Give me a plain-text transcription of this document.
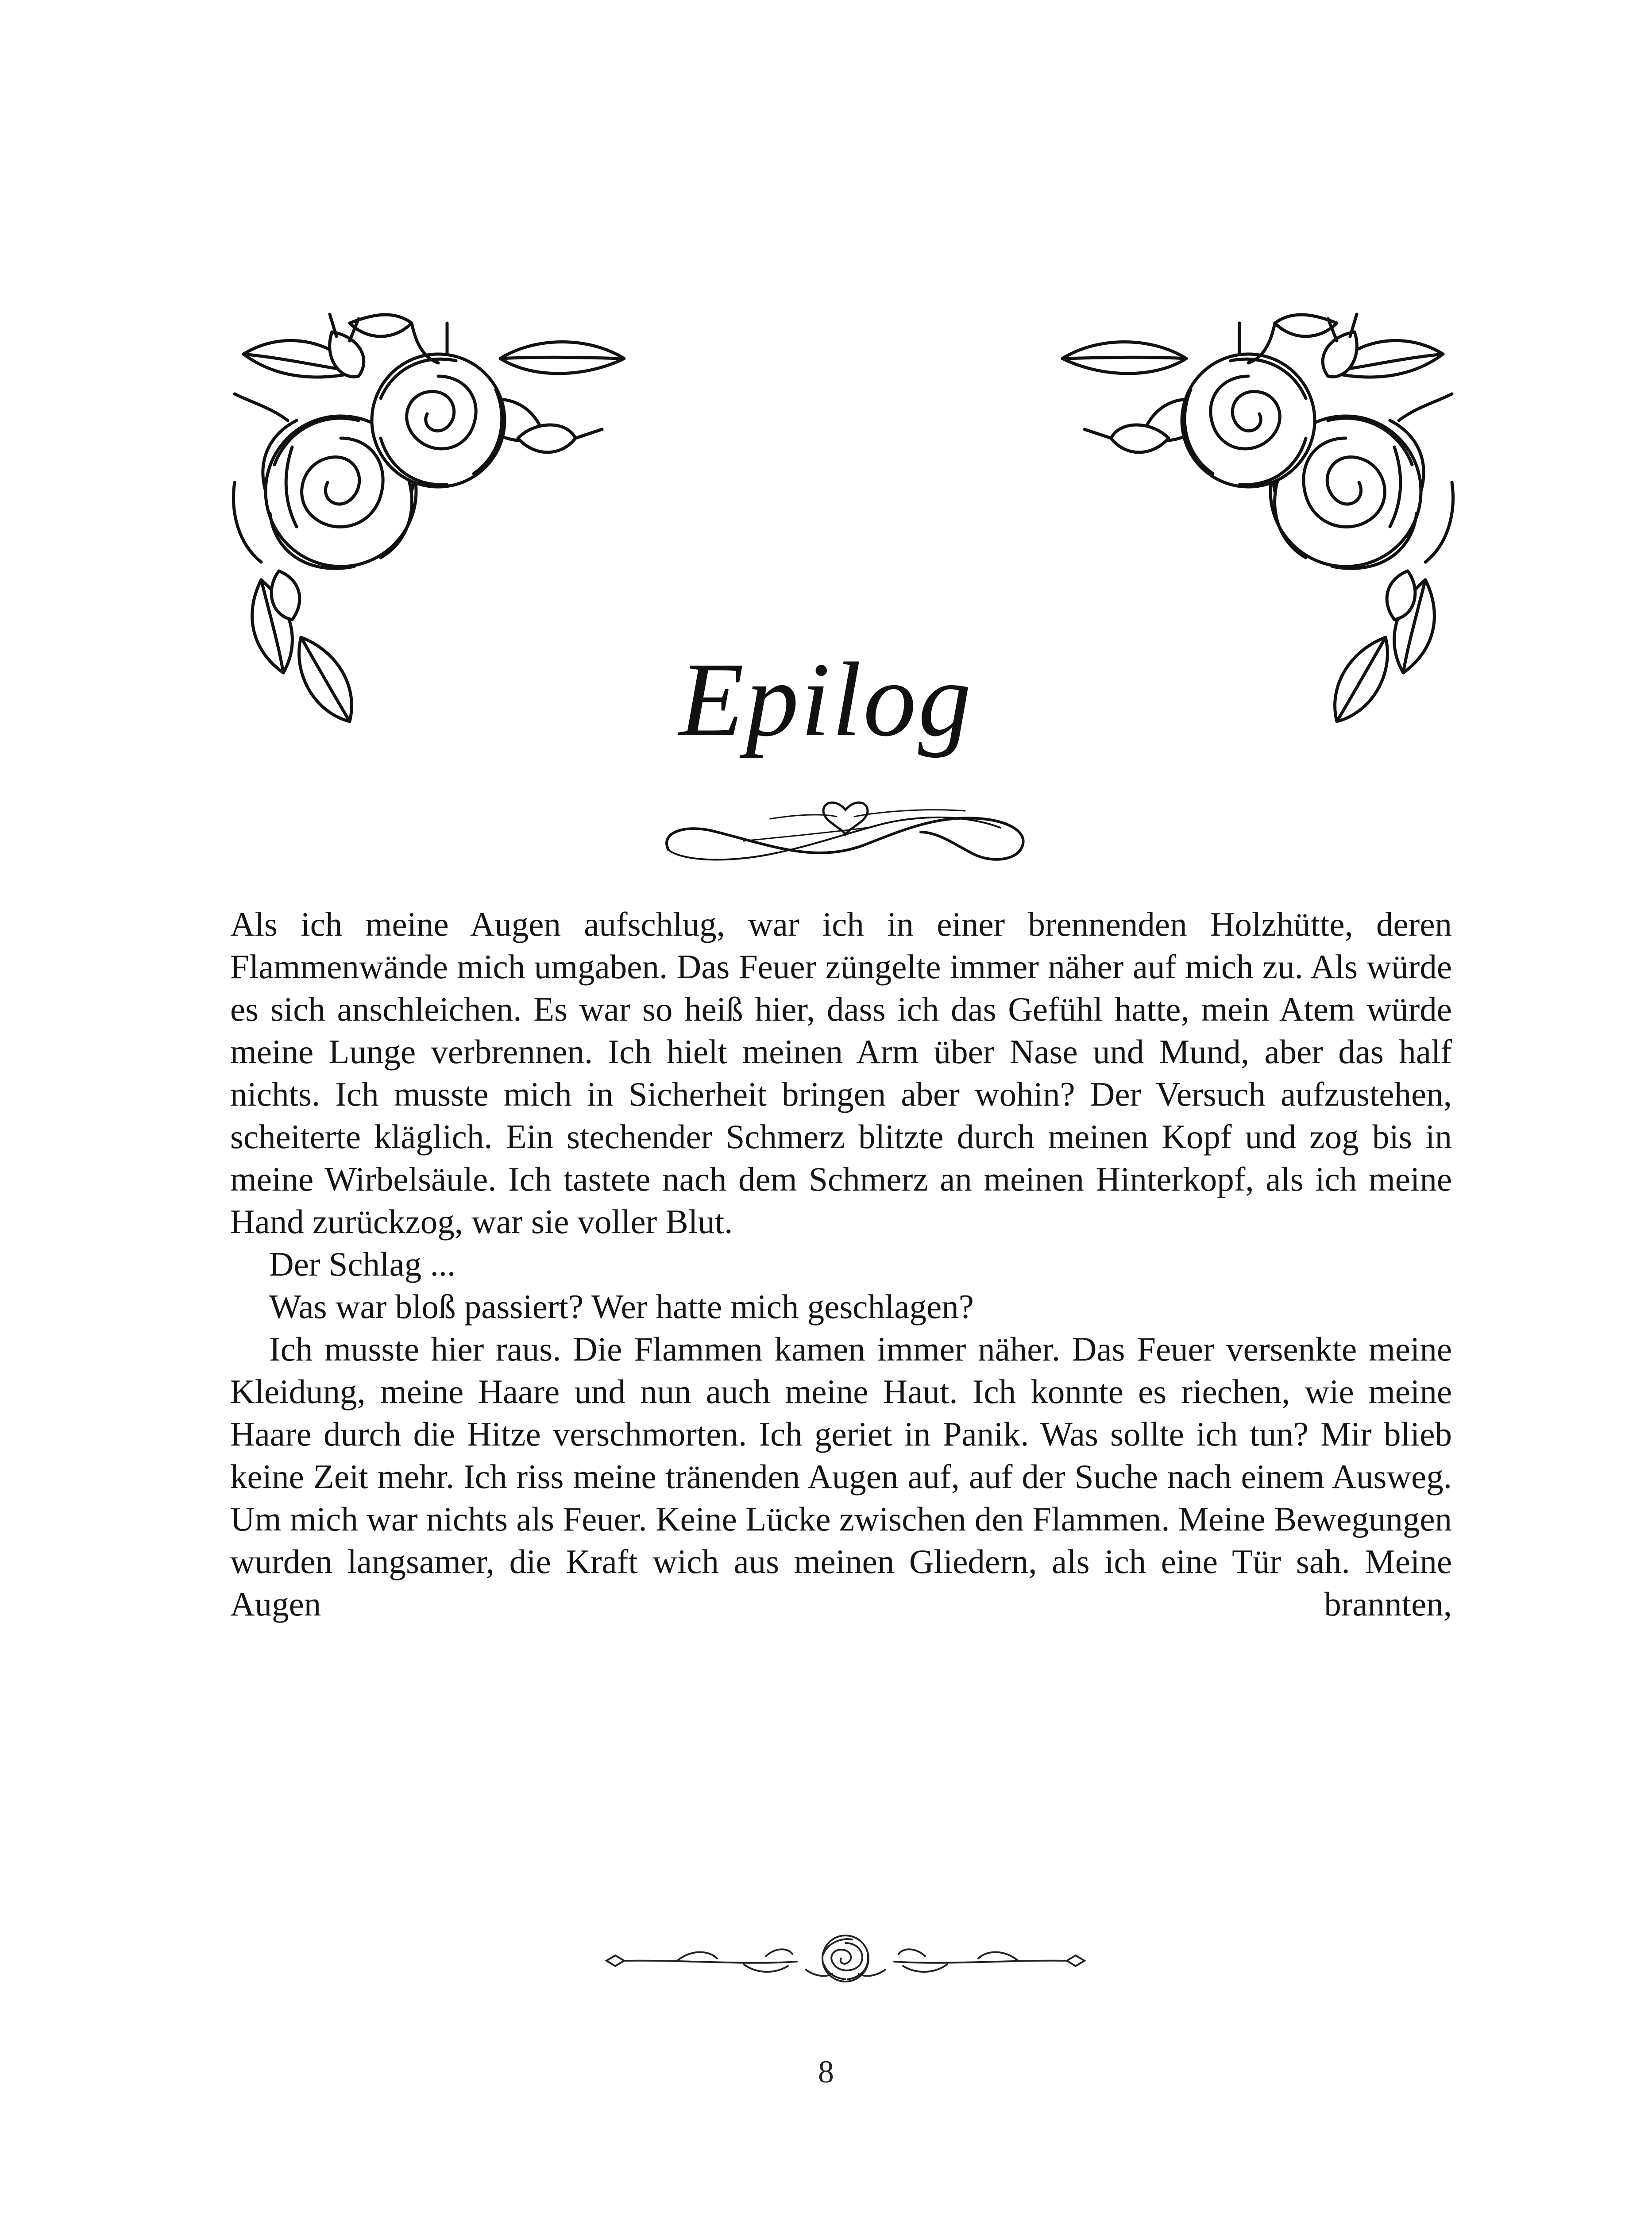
Epilog

Als ich meine Augen aufschlug, war ich in einer brennenden Holzhütte, deren Flammenwände mich umgaben. Das Feuer züngelte immer näher auf mich zu. Als würde es sich anschleichen. Es war so heiß hier, dass ich das Gefühl hatte, mein Atem würde meine Lunge verbrennen. Ich hielt meinen Arm über Nase und Mund, aber das half nichts. Ich musste mich in Sicherheit bringen aber wohin? Der Versuch aufzustehen, scheiterte kläglich. Ein stechender Schmerz blitzte durch meinen Kopf und zog bis in meine Wirbelsäule. Ich tastete nach dem Schmerz an meinen Hinterkopf, als ich meine Hand zurückzog, war sie voller Blut.

Der Schlag ...

Was war bloß passiert? Wer hatte mich geschlagen?

Ich musste hier raus. Die Flammen kamen immer näher. Das Feuer versenkte meine Kleidung, meine Haare und nun auch meine Haut. Ich konnte es riechen, wie meine Haare durch die Hitze verschmorten. Ich geriet in Panik. Was sollte ich tun? Mir blieb keine Zeit mehr. Ich riss meine tränenden Augen auf, auf der Suche nach einem Ausweg. Um mich war nichts als Feuer. Keine Lücke zwischen den Flammen. Meine Bewegungen wurden langsamer, die Kraft wich aus meinen Gliedern, als ich eine Tür sah. Meine Augen brannten,

8
